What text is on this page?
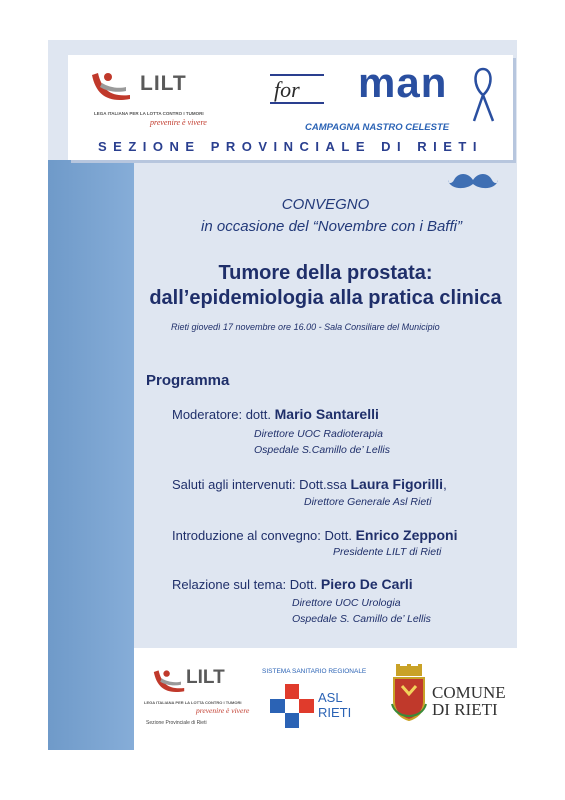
LILT
LEGA ITALIANA PER LA LOTTA CONTRO I TUMORI
prevenire è vivere
for man
CAMPAGNA NASTRO CELESTE
SEZIONE PROVINCIALE DI RIETI
CONVEGNO
in occasione del “Novembre con i Baffi”
Tumore della prostata:
dall’epidemiologia alla pratica clinica
Rieti giovedì 17 novembre ore 16.00 - Sala Consiliare del Municipio
Programma
Moderatore: dott. Mario Santarelli
Direttore UOC Radioterapia
Ospedale S.Camillo de’ Lellis
Saluti agli intervenuti: Dott.ssa Laura Figorilli,
Direttore Generale Asl Rieti
Introduzione al convegno: Dott. Enrico Zepponi
Presidente LILT di Rieti
Relazione sul tema: Dott. Piero De Carli
Direttore UOC Urologia
Ospedale S. Camillo de’ Lellis
LILT
LEGA ITALIANA PER LA LOTTA CONTRO I TUMORI
prevenire è vivere
Sezione Provinciale di Rieti
SISTEMA SANITARIO REGIONALE
ASL
RIETI
COMUNE
DI RIETI
